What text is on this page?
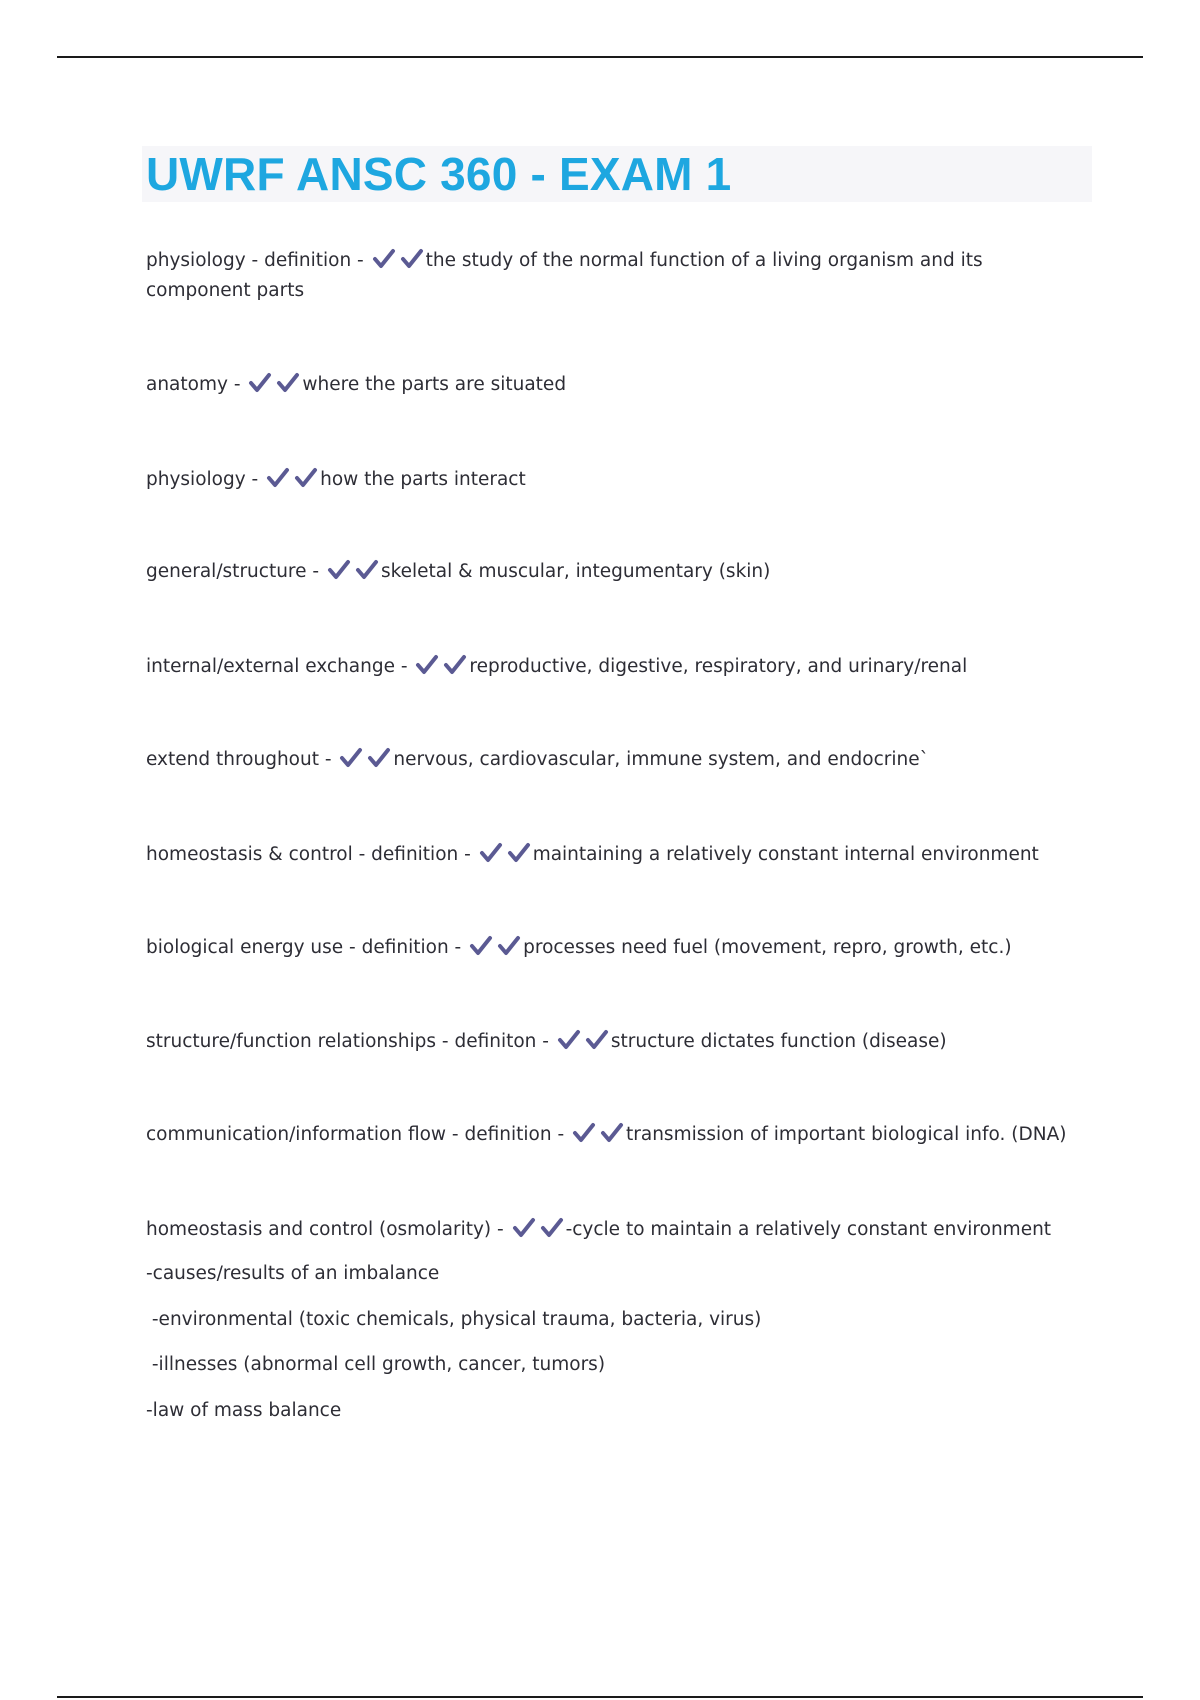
UWRF ANSC 360 - EXAM 1
physiology - definition -	the study of the normal function of a living organism and its component parts
anatomy -	where the parts are situated
physiology -	how the parts interact
general/structure -	skeletal & muscular, integumentary (skin)
internal/external exchange -	reproductive, digestive, respiratory, and urinary/renal
extend throughout -	nervous, cardiovascular, immune system, and endocrine`
homeostasis & control - definition -	maintaining a relatively constant internal environment
biological energy use - definition -	processes need fuel (movement, repro, growth, etc.)
structure/function relationships - definiton -	structure dictates function (disease)
communication/information flow - definition -	transmission of important biological info. (DNA)
homeostasis and control (osmolarity) -	-cycle to maintain a relatively constant environment
-causes/results of an imbalance
-environmental (toxic chemicals, physical trauma, bacteria, virus)
-illnesses (abnormal cell growth, cancer, tumors)
-law of mass balance
